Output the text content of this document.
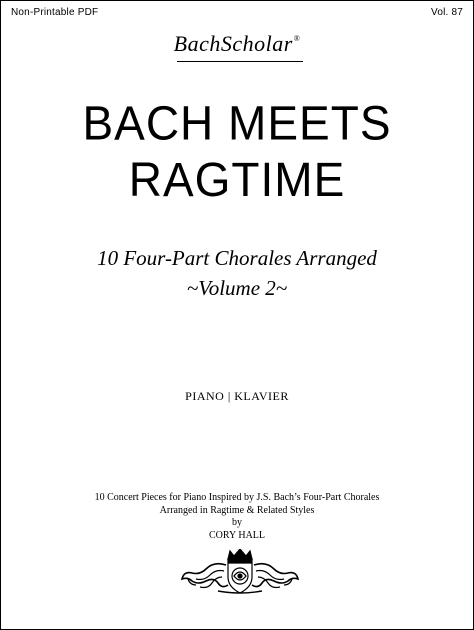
Non-Printable PDF	Vol. 87
BachScholar®
BACH MEETS
RAGTIME
10 Four-Part Chorales Arranged
~Volume 2~
PIANO | KLAVIER
10 Concert Pieces for Piano Inspired by J.S. Bach’s Four-Part Chorales
Arranged in Ragtime & Related Styles
by
CORY HALL
